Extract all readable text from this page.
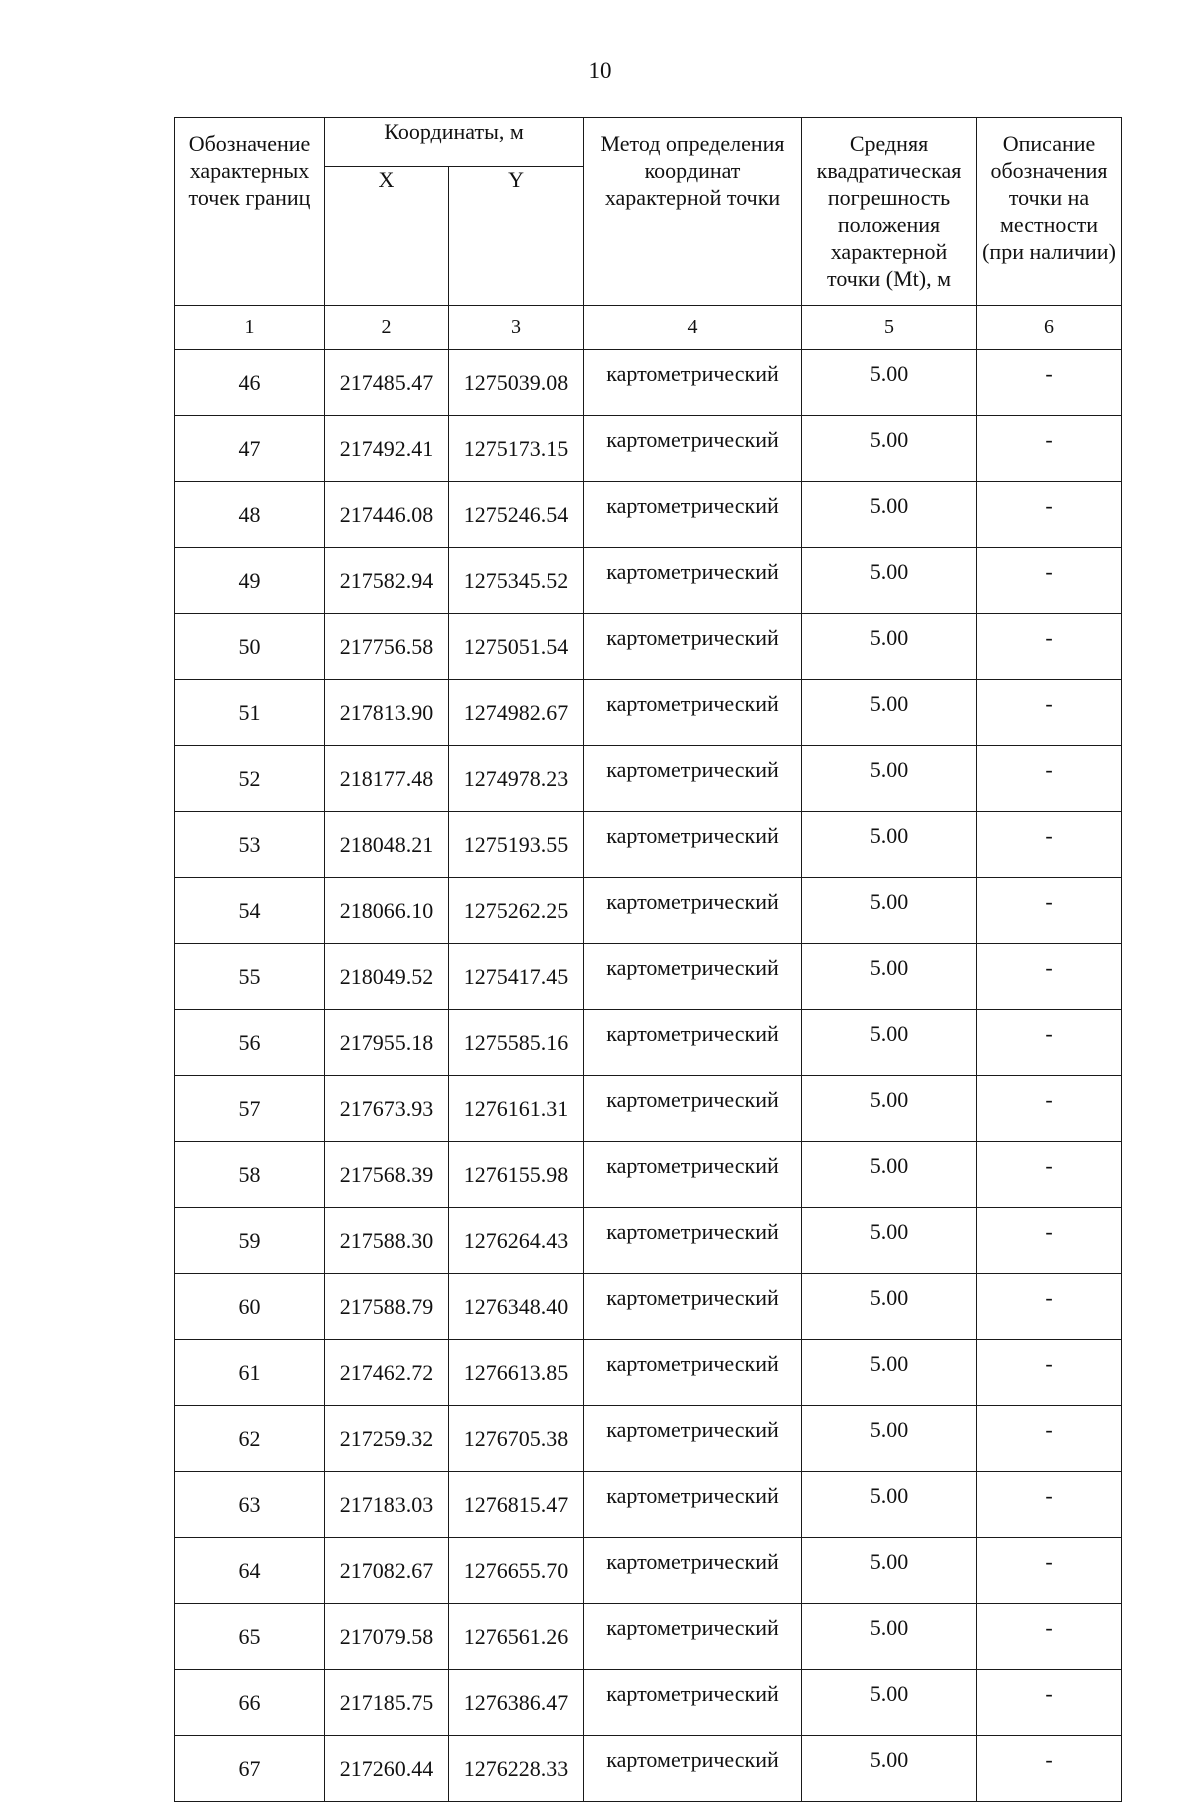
10
Обозначение характерных точек границ	Координаты, м		Метод определения координат характерной точки	Средняя квадратическая погрешность положения характерной точки (Mt), м	Описание обозначения точки на местности (при наличии)
	X	Y			
1	2	3	4	5	6
46	217485.47	1275039.08	картометрический	5.00	-
47	217492.41	1275173.15	картометрический	5.00	-
48	217446.08	1275246.54	картометрический	5.00	-
49	217582.94	1275345.52	картометрический	5.00	-
50	217756.58	1275051.54	картометрический	5.00	-
51	217813.90	1274982.67	картометрический	5.00	-
52	218177.48	1274978.23	картометрический	5.00	-
53	218048.21	1275193.55	картометрический	5.00	-
54	218066.10	1275262.25	картометрический	5.00	-
55	218049.52	1275417.45	картометрический	5.00	-
56	217955.18	1275585.16	картометрический	5.00	-
57	217673.93	1276161.31	картометрический	5.00	-
58	217568.39	1276155.98	картометрический	5.00	-
59	217588.30	1276264.43	картометрический	5.00	-
60	217588.79	1276348.40	картометрический	5.00	-
61	217462.72	1276613.85	картометрический	5.00	-
62	217259.32	1276705.38	картометрический	5.00	-
63	217183.03	1276815.47	картометрический	5.00	-
64	217082.67	1276655.70	картометрический	5.00	-
65	217079.58	1276561.26	картометрический	5.00	-
66	217185.75	1276386.47	картометрический	5.00	-
67	217260.44	1276228.33	картометрический	5.00	-
